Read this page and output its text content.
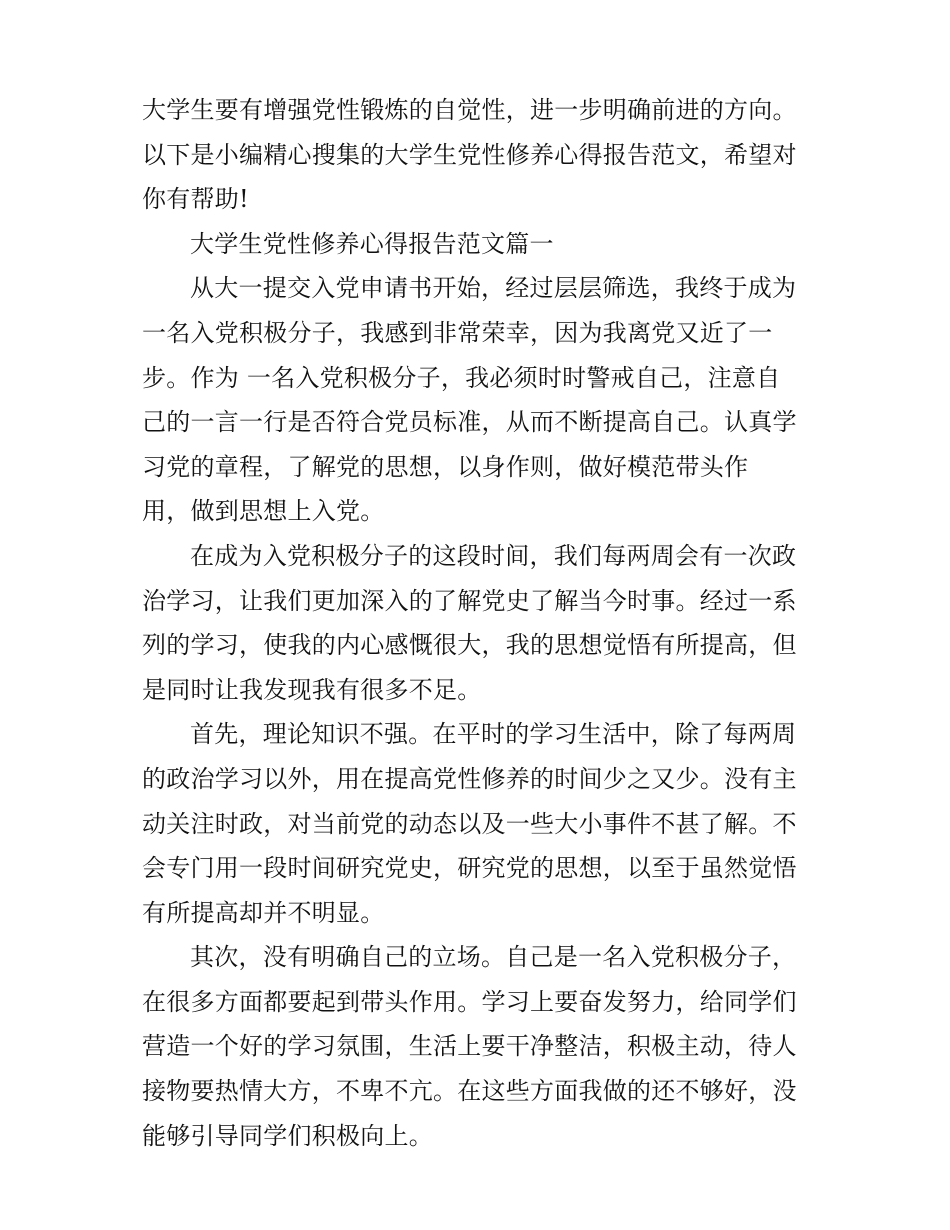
大学生要有增强党性锻炼的自觉性，进一步明确前进的方向。
以下是小编精心搜集的大学生党性修养心得报告范文，希望对
你有帮助!
大学生党性修养心得报告范文篇一
从大一提交入党申请书开始，经过层层筛选，我终于成为
一名入党积极分子，我感到非常荣幸，因为我离党又近了一
步。作为 一名入党积极分子，我必须时时警戒自己，注意自
己的一言一行是否符合党员标准，从而不断提高自己。认真学
习党的章程，了解党的思想，以身作则，做好模范带头作
用，做到思想上入党。
在成为入党积极分子的这段时间，我们每两周会有一次政
治学习，让我们更加深入的了解党史了解当今时事。经过一系
列的学习，使我的内心感慨很大，我的思想觉悟有所提高，但
是同时让我发现我有很多不足。
首先，理论知识不强。在平时的学习生活中，除了每两周
的政治学习以外，用在提高党性修养的时间少之又少。没有主
动关注时政，对当前党的动态以及一些大小事件不甚了解。不
会专门用一段时间研究党史，研究党的思想，以至于虽然觉悟
有所提高却并不明显。
其次，没有明确自己的立场。自己是一名入党积极分子，
在很多方面都要起到带头作用。学习上要奋发努力，给同学们
营造一个好的学习氛围，生活上要干净整洁，积极主动，待人
接物要热情大方，不卑不亢。在这些方面我做的还不够好，没
能够引导同学们积极向上。
